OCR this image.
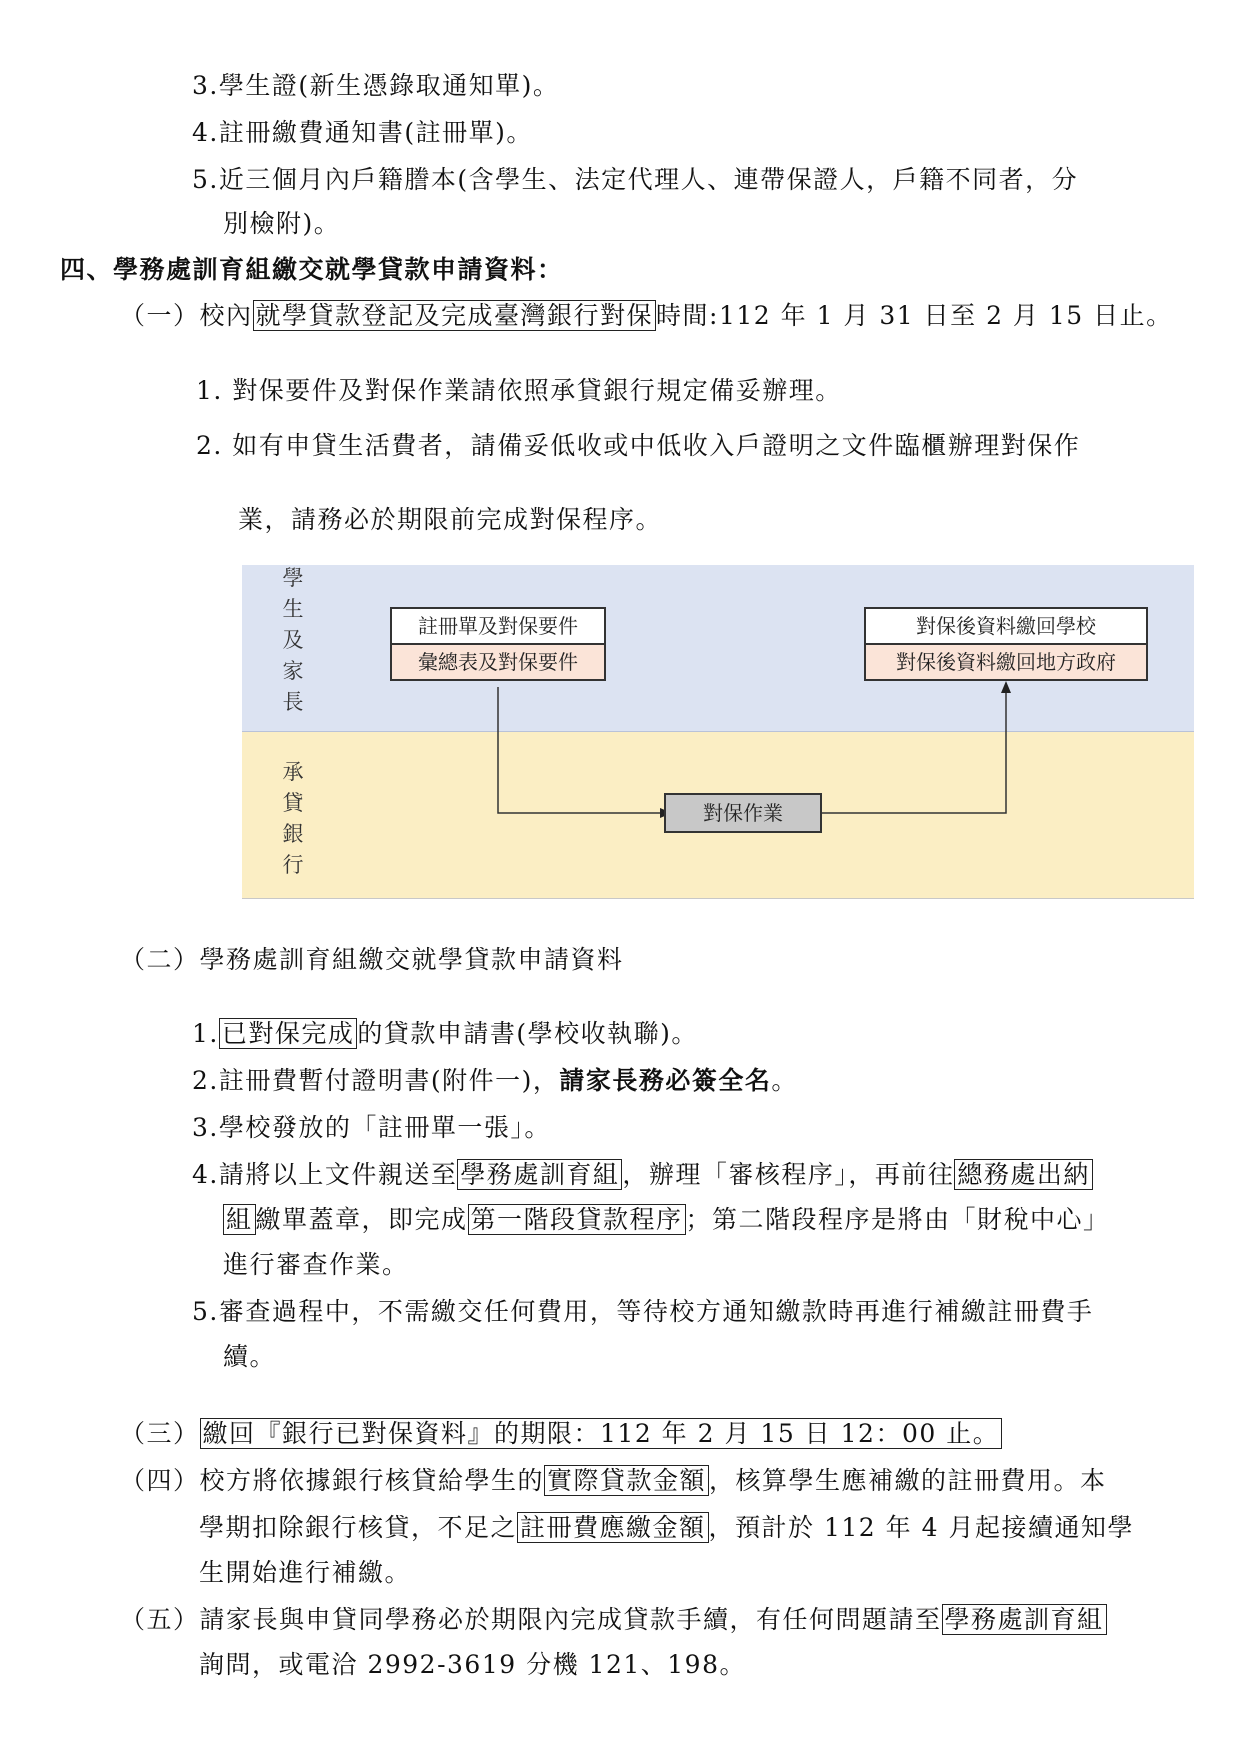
3.學生證(新生憑錄取通知單)。
4.註冊繳費通知書(註冊單)。
5.近三個月內戶籍謄本(含學生、法定代理人、連帶保證人，戶籍不同者，分
別檢附)。
四、學務處訓育組繳交就學貸款申請資料：
（一）校內 就學貸款登記及完成臺灣銀行對保 時間:112 年 1 月 31 日至 2 月 15 日止。
1. 對保要件及對保作業請依照承貸銀行規定備妥辦理。
2. 如有申貸生活費者，請備妥低收或中低收入戶證明之文件臨櫃辦理對保作
業，請務必於期限前完成對保程序。
學
生
及
家
長
承
貸
銀
行
註冊單及對保要件
彙總表及對保要件
對保後資料繳回學校
對保後資料繳回地方政府
對保作業
（二）學務處訓育組繳交就學貸款申請資料
1. 已對保完成 的貸款申請書(學校收執聯)。
2.註冊費暫付證明書(附件一)，請家長務必簽全名。
3.學校發放的「註冊單一張」。
4.請將以上文件親送至 學務處訓育組 ，辦理「審核程序」，再前往 總務處出納
組 繳單蓋章，即完成 第一階段貸款程序 ；第二階段程序是將由「財稅中心」
進行審查作業。
5.審查過程中，不需繳交任何費用，等待校方通知繳款時再進行補繳註冊費手
續。
（三） 繳回『銀行已對保資料』的期限：112 年 2 月 15 日 12：00 止。
（四）校方將依據銀行核貸給學生的 實際貸款金額 ，核算學生應補繳的註冊費用。本
學期扣除銀行核貸，不足之 註冊費應繳金額 ，預計於 112 年 4 月起接續通知學
生開始進行補繳。
（五）請家長與申貸同學務必於期限內完成貸款手續，有任何問題請至 學務處訓育組
詢問，或電洽 2992-3619 分機 121、198。
